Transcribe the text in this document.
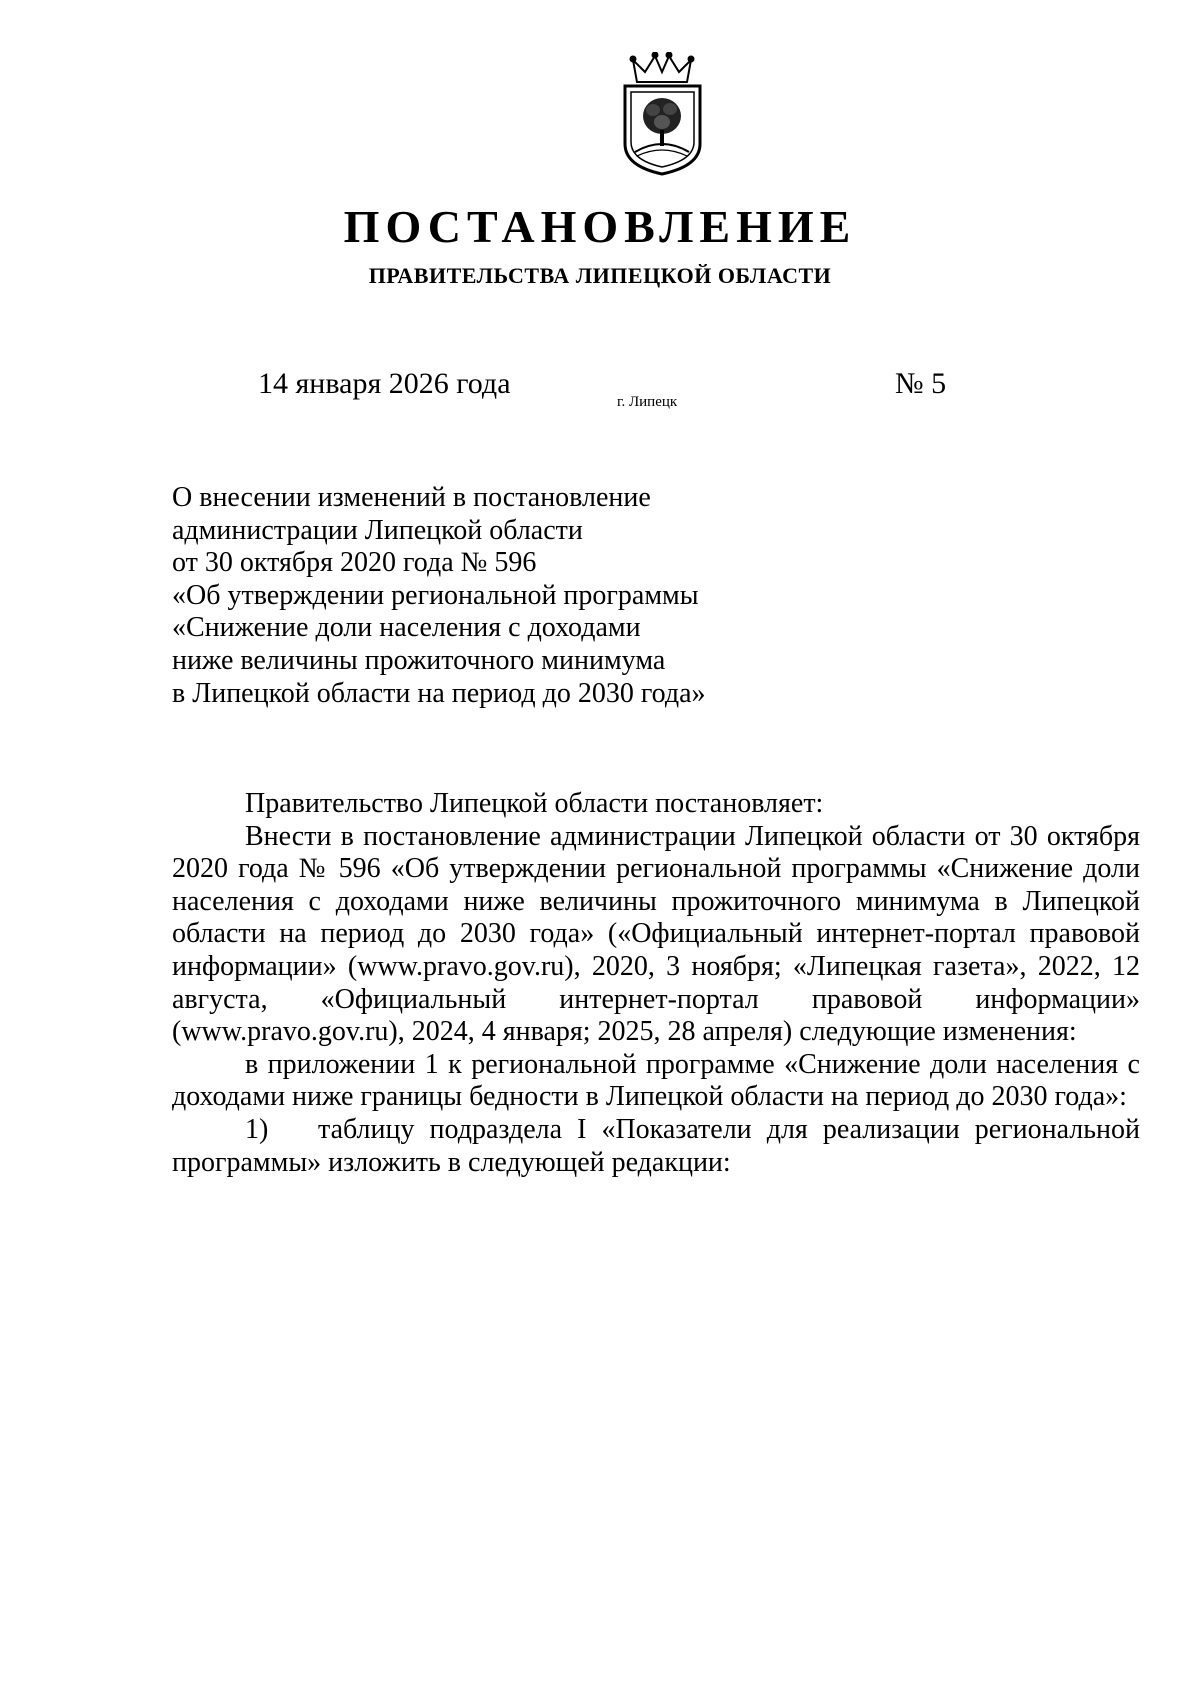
ПОСТАНОВЛЕНИЕ
ПРАВИТЕЛЬСТВА ЛИПЕЦКОЙ ОБЛАСТИ
14 января 2026 года
г. Липецк
№ 5
О внесении изменений в постановление
администрации Липецкой области
от 30 октября 2020 года № 596
«Об утверждении региональной программы
«Снижение доли населения с доходами
ниже величины прожиточного минимума
в Липецкой области на период до 2030 года»

Правительство Липецкой области постановляет:

Внести в постановление администрации Липецкой области от 30 октября 2020 года № 596 «Об утверждении региональной программы «Снижение доли населения с доходами ниже величины прожиточного минимума в Липецкой области на период до 2030 года» («Официальный интернет-портал правовой информации» (www.pravo.gov.ru), 2020, 3 ноября; «Липецкая газета», 2022, 12 августа, «Официальный интернет-портал правовой информации» (www.pravo.gov.ru), 2024, 4 января; 2025, 28 апреля) следующие изменения:

в приложении 1 к региональной программе «Снижение доли населения с доходами ниже границы бедности в Липецкой области на период до 2030 года»:

1) таблицу подраздела I «Показатели для реализации региональной программы» изложить в следующей редакции:
